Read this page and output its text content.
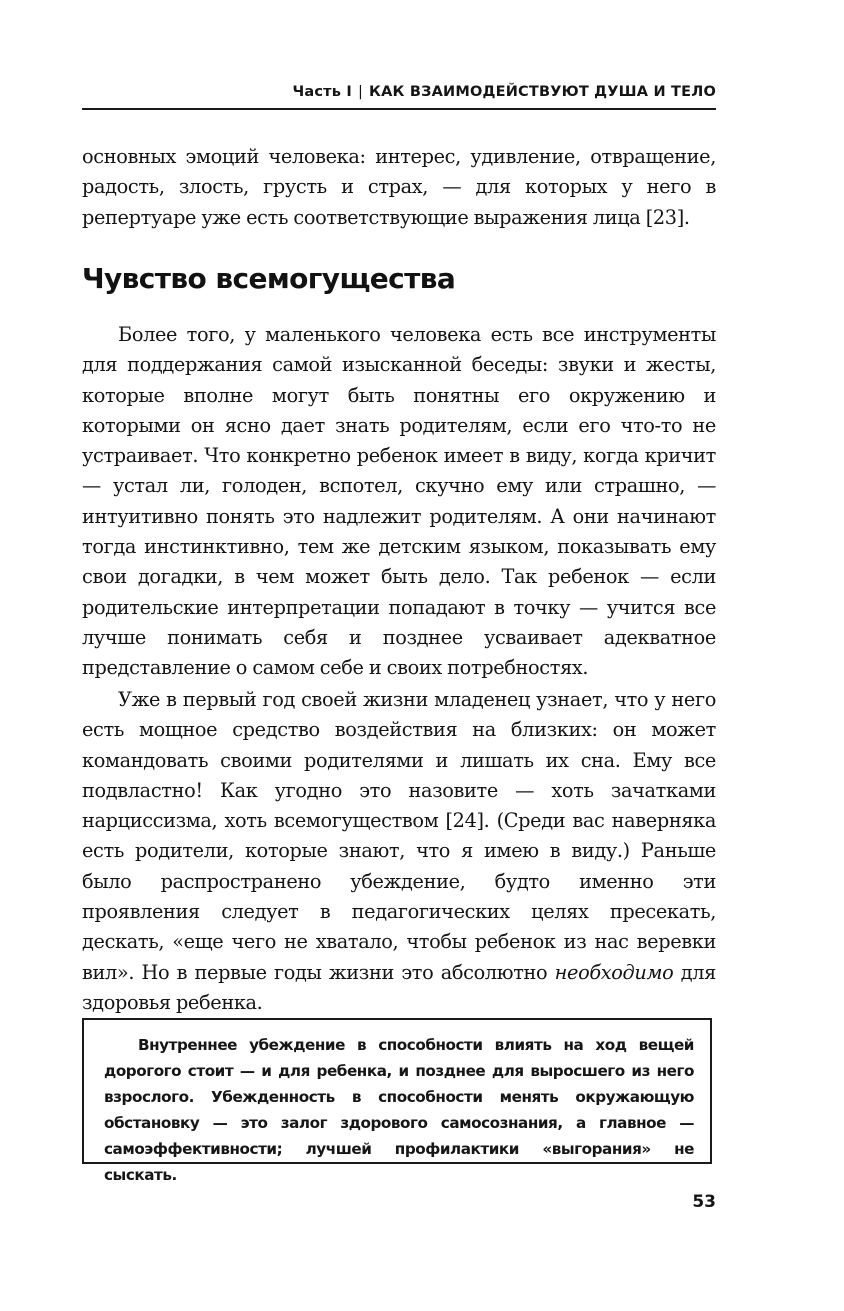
Часть I | КАК ВЗАИМОДЕЙСТВУЮТ ДУША И ТЕЛО

основных эмоций человека: интерес, удивление, отвращение, радость, злость, грусть и страх, — для которых у него в репертуаре уже есть соответствующие выражения лица [23].

Чувство всемогущества

Более того, у маленького человека есть все инструменты для поддержания самой изысканной беседы: звуки и жесты, которые вполне могут быть понятны его окружению и которыми он ясно дает знать родителям, если его что-то не устраивает. Что конкретно ребенок имеет в виду, когда кричит — устал ли, голоден, вспотел, скучно ему или страшно, — интуитивно понять это надлежит родителям. А они начинают тогда инстинктивно, тем же детским языком, показывать ему свои догадки, в чем может быть дело. Так ребенок — если родительские интерпретации попадают в точку — учится все лучше понимать себя и позднее усваивает адекватное представление о самом себе и своих потребностях.

Уже в первый год своей жизни младенец узнает, что у него есть мощное средство воздействия на близких: он может командовать своими родителями и лишать их сна. Ему все подвластно! Как угодно это назовите — хоть зачатками нарциссизма, хоть всемогуществом [24]. (Среди вас наверняка есть родители, которые знают, что я имею в виду.) Раньше было распространено убеждение, будто именно эти проявления следует в педагогических целях пресекать, дескать, «еще чего не хватало, чтобы ребенок из нас веревки вил». Но в первые годы жизни это абсолютно необходимо для здоровья ребенка.

Внутреннее убеждение в способности влиять на ход вещей дорогого стоит — и для ребенка, и позднее для выросшего из него взрослого. Убежденность в способности менять окружающую обстановку — это залог здорового самосознания, а главное — самоэффективности; лучшей профилактики «выгорания» не сыскать.

53
